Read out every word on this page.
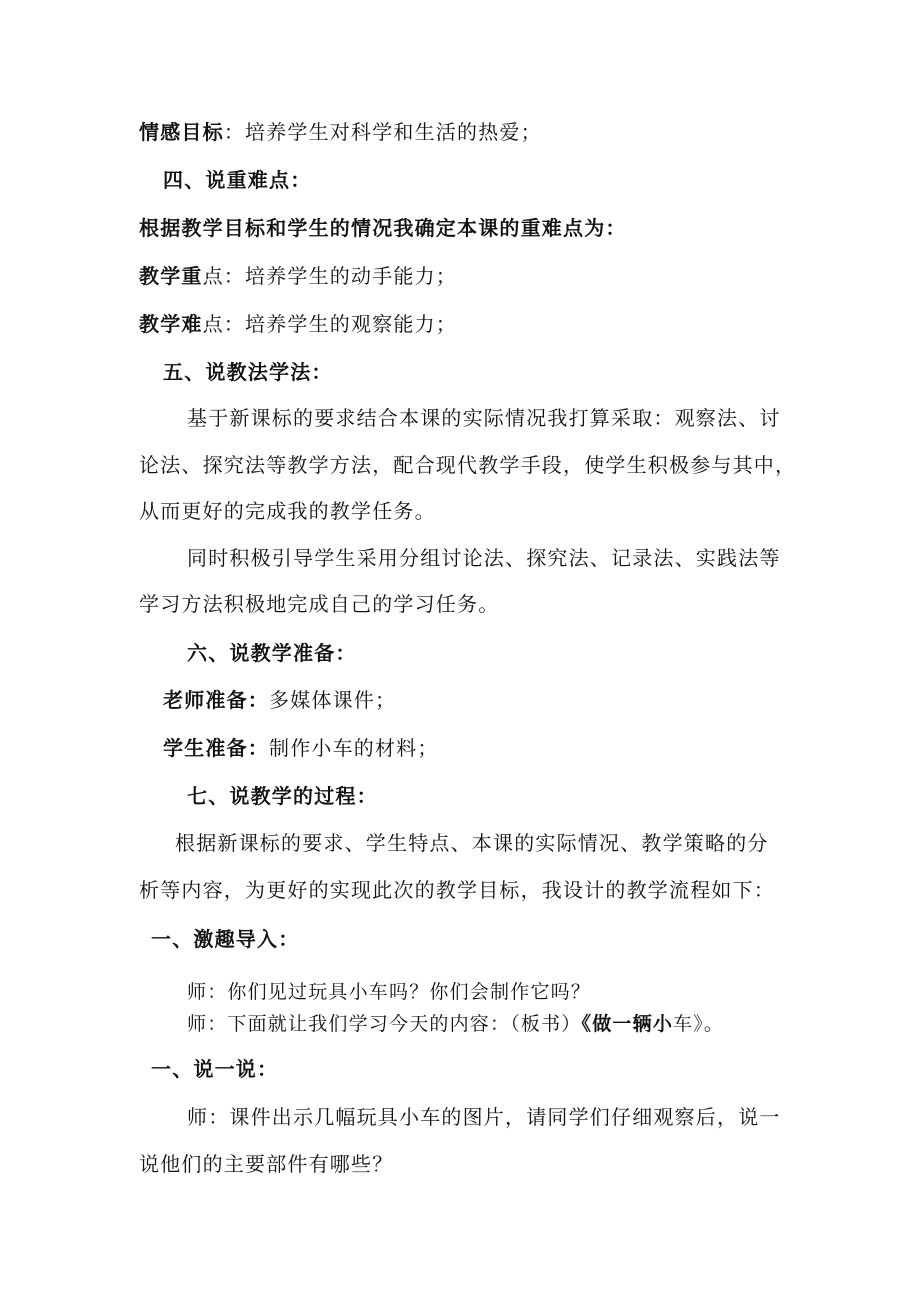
情感目标：培养学生对科学和生活的热爱；
四、说重难点：
根据教学目标和学生的情况我确定本课的重难点为：
教学重点：培养学生的动手能力；
教学难点：培养学生的观察能力；
五、说教法学法：
基于新课标的要求结合本课的实际情况我打算采取：观察法、讨
论法、探究法等教学方法，配合现代教学手段，使学生积极参与其中，
从而更好的完成我的教学任务。
同时积极引导学生采用分组讨论法、探究法、记录法、实践法等
学习方法积极地完成自己的学习任务。
六、说教学准备：
老师准备：多媒体课件；
学生准备：制作小车的材料；
七、说教学的过程：
根据新课标的要求、学生特点、本课的实际情况、教学策略的分
析等内容，为更好的实现此次的教学目标，我设计的教学流程如下：
一、激趣导入：
师：你们见过玩具小车吗？你们会制作它吗？
师：下面就让我们学习今天的内容：（板书）《做一辆小车》。
一、说一说：
师：课件出示几幅玩具小车的图片，请同学们仔细观察后，说一
说他们的主要部件有哪些？
